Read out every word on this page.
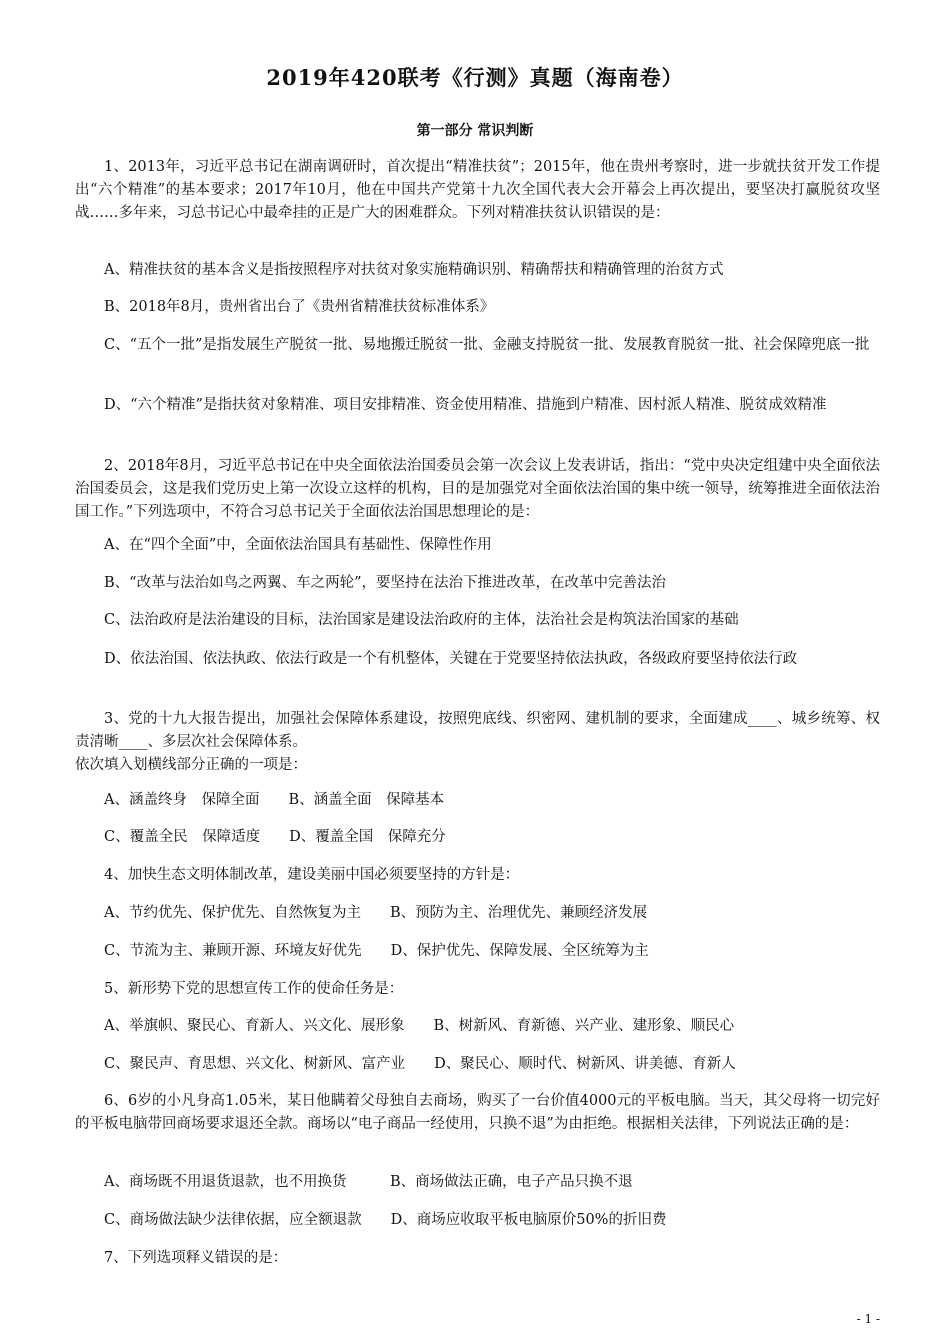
2019年420联考《行测》真题（海南卷）
第一部分 常识判断
1、2013年，习近平总书记在湖南调研时，首次提出“精准扶贫”；2015年，他在贵州考察时，进一步就扶贫开发工作提出“六个精准”的基本要求；2017年10月，他在中国共产党第十九次全国代表大会开幕会上再次提出，要坚决打赢脱贫攻坚战……多年来，习总书记心中最牵挂的正是广大的困难群众。下列对精准扶贫认识错误的是：
A、精准扶贫的基本含义是指按照程序对扶贫对象实施精确识别、精确帮扶和精确管理的治贫方式
B、2018年8月，贵州省出台了《贵州省精准扶贫标准体系》
C、“五个一批”是指发展生产脱贫一批、易地搬迁脱贫一批、金融支持脱贫一批、发展教育脱贫一批、社会保障兜底一批
D、“六个精准”是指扶贫对象精准、项目安排精准、资金使用精准、措施到户精准、因村派人精准、脱贫成效精准
2、2018年8月，习近平总书记在中央全面依法治国委员会第一次会议上发表讲话，指出：“党中央决定组建中央全面依法治国委员会，这是我们党历史上第一次设立这样的机构，目的是加强党对全面依法治国的集中统一领导，统筹推进全面依法治国工作。”下列选项中，不符合习总书记关于全面依法治国思想理论的是：
A、在“四个全面”中，全面依法治国具有基础性、保障性作用
B、“改革与法治如鸟之两翼、车之两轮”，要坚持在法治下推进改革，在改革中完善法治
C、法治政府是法治建设的目标，法治国家是建设法治政府的主体，法治社会是构筑法治国家的基础
D、依法治国、依法执政、依法行政是一个有机整体，关键在于党要坚持依法执政，各级政府要坚持依法行政
3、党的十九大报告提出，加强社会保障体系建设，按照兜底线、织密网、建机制的要求，全面建成____、城乡统筹、权责清晰____、多层次社会保障体系。
依次填入划横线部分正确的一项是：
A、涵盖终身　保障全面　　B、涵盖全面　保障基本
C、覆盖全民　保障适度　　D、覆盖全国　保障充分
4、加快生态文明体制改革，建设美丽中国必须要坚持的方针是：
A、节约优先、保护优先、自然恢复为主　　B、预防为主、治理优先、兼顾经济发展
C、节流为主、兼顾开源、环境友好优先　　D、保护优先、保障发展、全区统筹为主
5、新形势下党的思想宣传工作的使命任务是：
A、举旗帜、聚民心、育新人、兴文化、展形象　　B、树新风、育新德、兴产业、建形象、顺民心
C、聚民声、育思想、兴文化、树新风、富产业　　D、聚民心、顺时代、树新风、讲美德、育新人
6、6岁的小凡身高1.05米，某日他瞒着父母独自去商场，购买了一台价值4000元的平板电脑。当天，其父母将一切完好的平板电脑带回商场要求退还全款。商场以“电子商品一经使用，只换不退”为由拒绝。根据相关法律，下列说法正确的是：
A、商场既不用退货退款，也不用换货　　　B、商场做法正确，电子产品只换不退
C、商场做法缺少法律依据，应全额退款　　D、商场应收取平板电脑原价50%的折旧费
7、下列选项释义错误的是：
- 1 -
